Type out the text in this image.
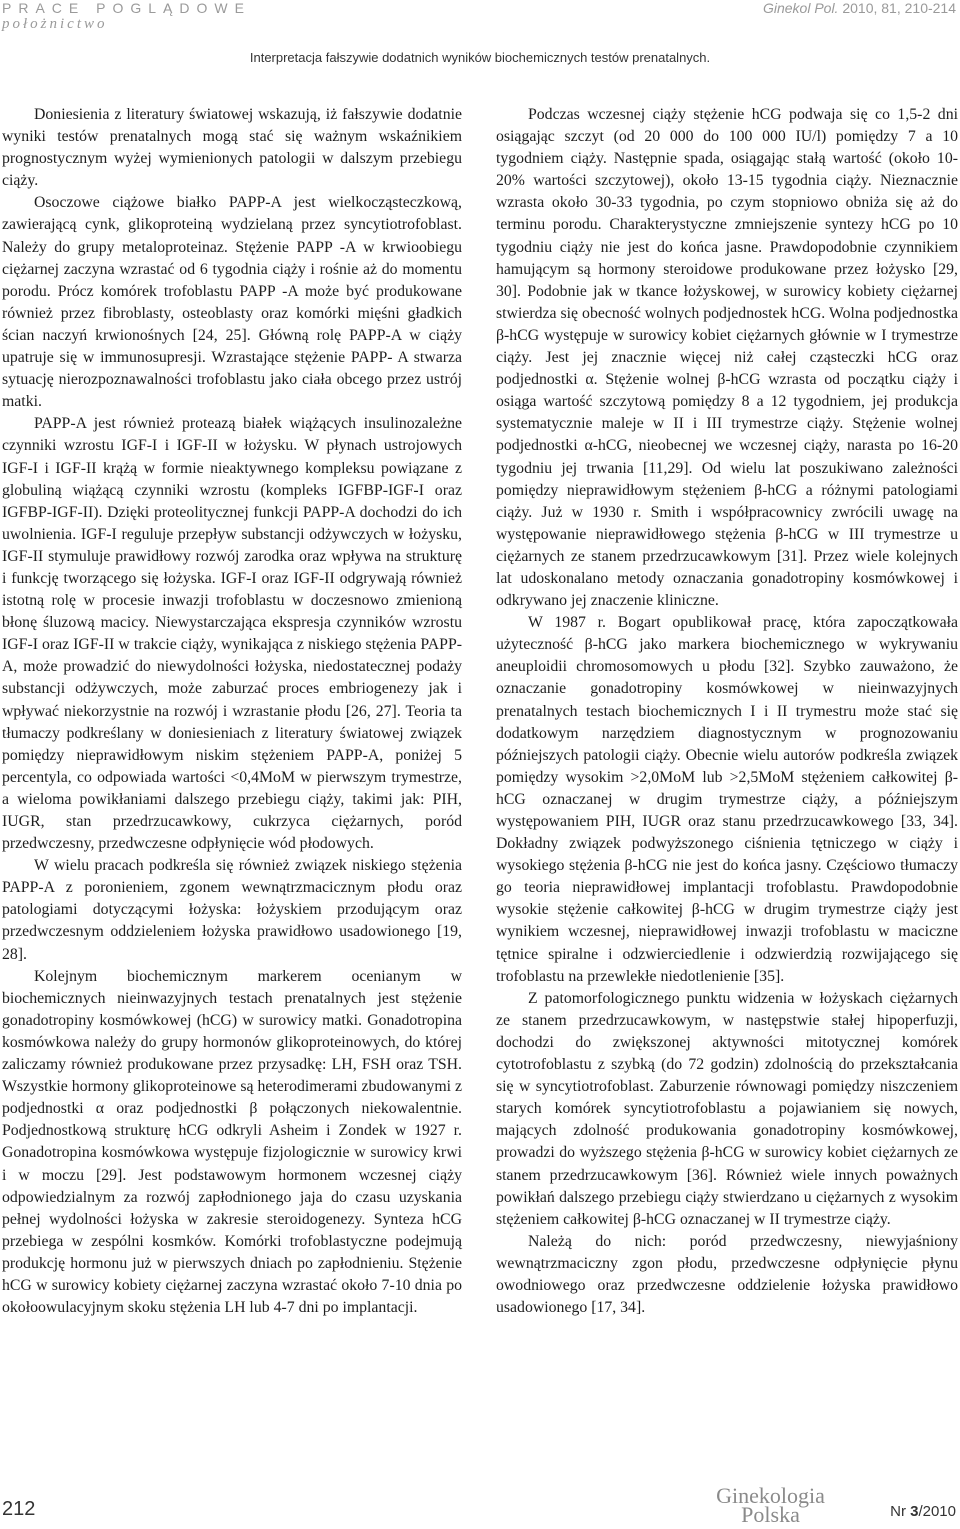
PRACE POGLĄDOWE
położnictwo
Ginekol Pol. 2010, 81, 210-214
Interpretacja fałszywie dodatnich wyników biochemicznych testów prenatalnych.

Doniesienia z literatury światowej wskazują, iż fałszywie dodatnie wyniki testów prenatalnych mogą stać się ważnym wskaźnikiem prognostycznym wyżej wymienionych patologii w dalszym przebiegu ciąży.

Osoczowe ciążowe białko PAPP-A jest wielkocząsteczkową, zawierającą cynk, glikoproteiną wydzielaną przez syncytiotrofoblast. Należy do grupy metaloproteinaz. Stężenie PAPP -A w krwioobiegu ciężarnej zaczyna wzrastać od 6 tygodnia ciąży i rośnie aż do momentu porodu. Prócz komórek trofoblastu PAPP -A może być produkowane również przez fibroblasty, osteoblasty oraz komórki mięśni gładkich ścian naczyń krwionośnych [24, 25]. Główną rolę PAPP-A w ciąży upatruje się w immunosupresji. Wzrastające stężenie PAPP- A stwarza sytuację nierozpoznawalności trofoblastu jako ciała obcego przez ustrój matki.

PAPP-A jest również proteazą białek wiążących insulinozależne czynniki wzrostu IGF-I i IGF-II w łożysku. W płynach ustrojowych IGF-I i IGF-II krążą w formie nieaktywnego kompleksu powiązane z globuliną wiążącą czynniki wzrostu (kompleks IGFBP-IGF-I oraz IGFBP-IGF-II). Dzięki proteolitycznej funkcji PAPP-A dochodzi do ich uwolnienia. IGF-I reguluje przepływ substancji odżywczych w łożysku, IGF-II stymuluje prawidłowy rozwój zarodka oraz wpływa na strukturę i funkcję tworzącego się łożyska. IGF-I oraz IGF-II odgrywają również istotną rolę w procesie inwazji trofoblastu w doczesnowo zmienioną błonę śluzową macicy. Niewystarczająca ekspresja czynników wzrostu IGF-I oraz IGF-II w trakcie ciąży, wynikająca z niskiego stężenia PAPP-A, może prowadzić do niewydolności łożyska, niedostatecznej podaży substancji odżywczych, może zaburzać proces embriogenezy jak i wpływać niekorzystnie na rozwój i wzrastanie płodu [26, 27]. Teoria ta tłumaczy podkreślany w doniesieniach z literatury światowej związek pomiędzy nieprawidłowym niskim stężeniem PAPP-A, poniżej 5 percentyla, co odpowiada wartości <0,4MoM w pierwszym trymestrze, a wieloma powikłaniami dalszego przebiegu ciąży, takimi jak: PIH, IUGR, stan przedrzucawkowy, cukrzyca ciężarnych, poród przedwczesny, przedwczesne odpłynięcie wód płodowych.

W wielu pracach podkreśla się również związek niskiego stężenia PAPP-A z poronieniem, zgonem wewnątrzmacicznym płodu oraz patologiami dotyczącymi łożyska: łożyskiem przodującym oraz przedwczesnym oddzieleniem łożyska prawidłowo usadowionego [19, 28].

Kolejnym biochemicznym markerem ocenianym w biochemicznych nieinwazyjnych testach prenatalnych jest stężenie gonadotropiny kosmówkowej (hCG) w surowicy matki. Gonadotropina kosmówkowa należy do grupy hormonów glikoproteinowych, do której zaliczamy również produkowane przez przysadkę: LH, FSH oraz TSH. Wszystkie hormony glikoproteinowe są heterodimerami zbudowanymi z podjednostki α oraz podjednostki β połączonych niekowalentnie. Podjednostkową strukturę hCG odkryli Asheim i Zondek w 1927 r. Gonadotropina kosmówkowa występuje fizjologicznie w surowicy krwi i w moczu [29]. Jest podstawowym hormonem wczesnej ciąży odpowiedzialnym za rozwój zapłodnionego jaja do czasu uzyskania pełnej wydolności łożyska w zakresie steroidogenezy. Synteza hCG przebiega w zespólni kosmków. Komórki trofoblastyczne podejmują produkcję hormonu już w pierwszych dniach po zapłodnieniu. Stężenie hCG w surowicy kobiety ciężarnej zaczyna wzrastać około 7-10 dnia po okołoowulacyjnym skoku stężenia LH lub 4-7 dni po implantacji.

Podczas wczesnej ciąży stężenie hCG podwaja się co 1,5-2 dni osiągając szczyt (od 20 000 do 100 000 IU/l) pomiędzy 7 a 10 tygodniem ciąży. Następnie spada, osiągając stałą wartość (około 10-20% wartości szczytowej), około 13-15 tygodnia ciąży. Nieznacznie wzrasta około 30-33 tygodnia, po czym stopniowo obniża się aż do terminu porodu. Charakterystyczne zmniejszenie syntezy hCG po 10 tygodniu ciąży nie jest do końca jasne. Prawdopodobnie czynnikiem hamującym są hormony steroidowe produkowane przez łożysko [29, 30]. Podobnie jak w tkance łożyskowej, w surowicy kobiety ciężarnej stwierdza się obecność wolnych podjednostek hCG. Wolna podjednostka β-hCG występuje w surowicy kobiet ciężarnych głównie w I trymestrze ciąży. Jest jej znacznie więcej niż całej cząsteczki hCG oraz podjednostki α. Stężenie wolnej β-hCG wzrasta od początku ciąży i osiąga wartość szczytową pomiędzy 8 a 12 tygodniem, jej produkcja systematycznie maleje w II i III trymestrze ciąży. Stężenie wolnej podjednostki α-hCG, nieobecnej we wczesnej ciąży, narasta po 16-20 tygodniu jej trwania [11,29]. Od wielu lat poszukiwano zależności pomiędzy nieprawidłowym stężeniem β-hCG a różnymi patologiami ciąży. Już w 1930 r. Smith i współpracownicy zwrócili uwagę na występowanie nieprawidłowego stężenia β-hCG w III trymestrze u ciężarnych ze stanem przedrzucawkowym [31]. Przez wiele kolejnych lat udoskonalano metody oznaczania gonadotropiny kosmówkowej i odkrywano jej znaczenie kliniczne.

W 1987 r. Bogart opublikował pracę, która zapoczątkowała użyteczność β-hCG jako markera biochemicznego w wykrywaniu aneuploidii chromosomowych u płodu [32]. Szybko zauważono, że oznaczanie gonadotropiny kosmówkowej w nieinwazyjnych prenatalnych testach biochemicznych I i II trymestru może stać się dodatkowym narzędziem diagnostycznym w prognozowaniu późniejszych patologii ciąży. Obecnie wielu autorów podkreśla związek pomiędzy wysokim >2,0MoM lub >2,5MoM stężeniem całkowitej β-hCG oznaczanej w drugim trymestrze ciąży, a późniejszym występowaniem PIH, IUGR oraz stanu przedrzucawkowego [33, 34]. Dokładny związek podwyższonego ciśnienia tętniczego w ciąży i wysokiego stężenia β-hCG nie jest do końca jasny. Częściowo tłumaczy go teoria nieprawidłowej implantacji trofoblastu. Prawdopodobnie wysokie stężenie całkowitej β-hCG w drugim trymestrze ciąży jest wynikiem wczesnej, nieprawidłowej inwazji trofoblastu w maciczne tętnice spiralne i odzwierciedlenie i odzwierdzią rozwijającego się trofoblastu na przewlekłe niedotlenienie [35].

Z patomorfologicznego punktu widzenia w łożyskach ciężarnych ze stanem przedrzucawkowym, w następstwie stałej hipoperfuzji, dochodzi do zwiększonej aktywności mitotycznej komórek cytotrofoblastu z szybką (do 72 godzin) zdolnością do przekształcania się w syncytiotrofoblast. Zaburzenie równowagi pomiędzy niszczeniem starych komórek syncytiotrofoblastu a pojawianiem się nowych, mających zdolność produkowania gonadotropiny kosmówkowej, prowadzi do wyższego stężenia β-hCG w surowicy kobiet ciężarnych ze stanem przedrzucawkowym [36]. Również wiele innych poważnych powikłań dalszego przebiegu ciąży stwierdzano u ciężarnych z wysokim stężeniem całkowitej β-hCG oznaczanej w II trymestrze ciąży.

Należą do nich: poród przedwczesny, niewyjaśniony wewnątrzmaciczny zgon płodu, przedwczesne odpłynięcie płynu owodniowego oraz przedwczesne oddzielenie łożyska prawidłowo usadowionego [17, 34].

212
Ginekologia
Polska	Nr 3/2010
